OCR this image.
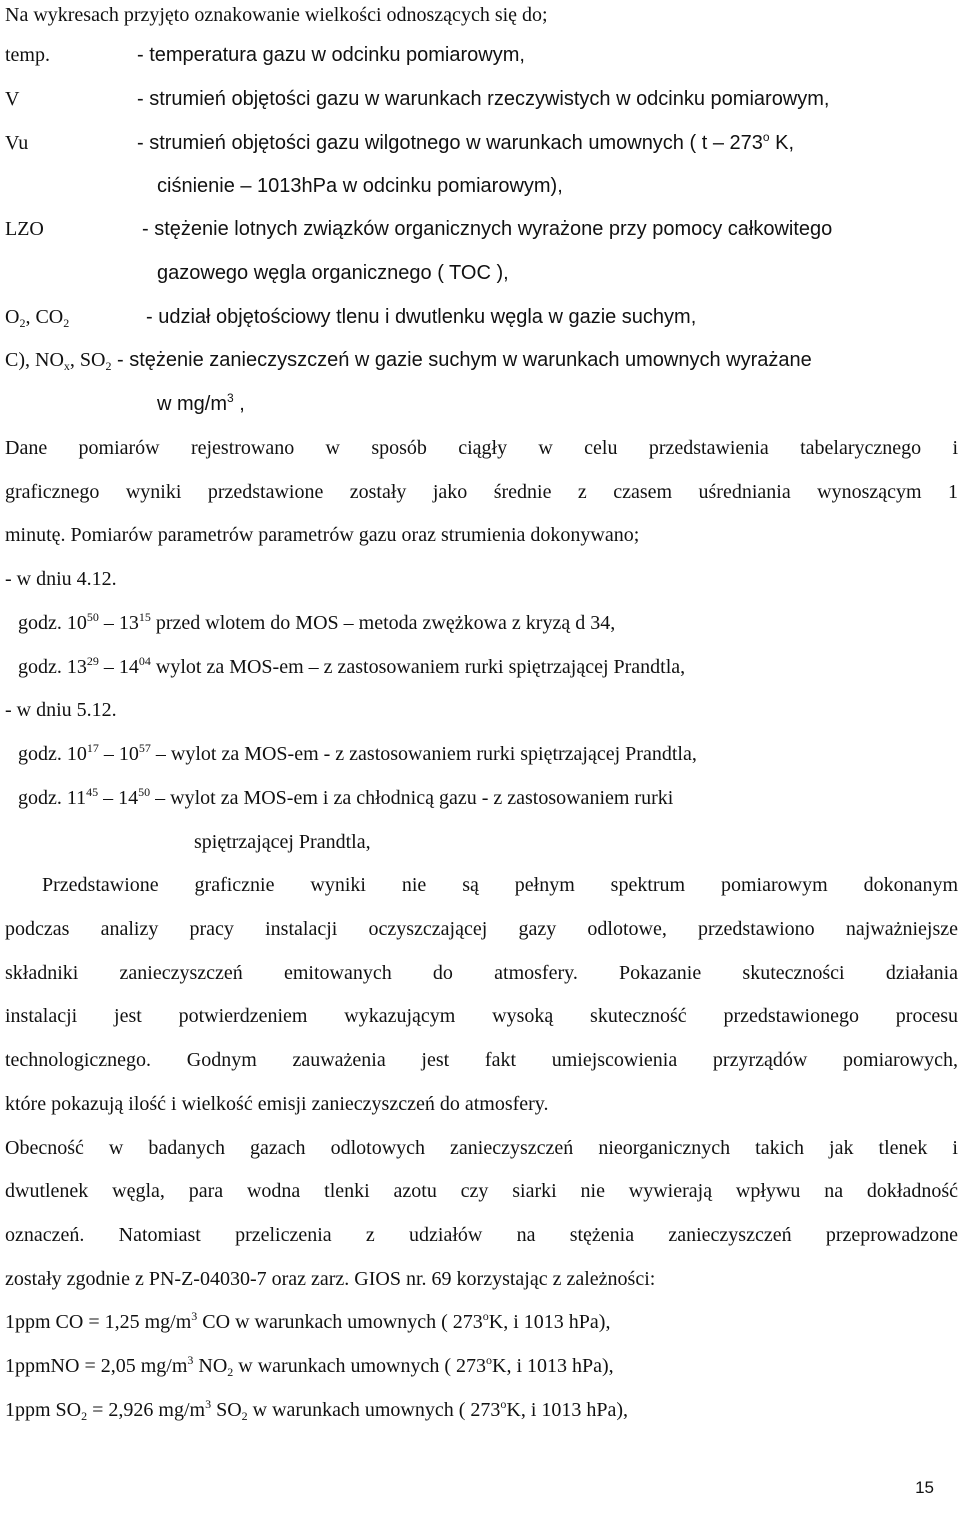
Na wykresach przyjęto oznakowanie wielkości odnoszących się do;
temp.	- temperatura gazu w odcinku pomiarowym,
V	- strumień objętości gazu w warunkach rzeczywistych w odcinku pomiarowym,
Vu	- strumień objętości gazu wilgotnego w warunkach umownych ( t – 273$^o$ K,
ciśnienie – 1013hPa w odcinku pomiarowym),
LZO	- stężenie lotnych związków organicznych wyrażone przy pomocy całkowitego
gazowego węgla organicznego ( TOC ),
$O_2$, $CO_2$	- udział objętościowy tlenu i dwutlenku węgla w gazie suchym,
C), $NO_x$, $SO_2$ - stężenie zanieczyszczeń w gazie suchym w warunkach umownych wyrażane
w $mg/m^3$ ,
Dane pomiarów rejestrowano w sposób ciągły w celu przedstawienia tabelarycznego i
graficznego wyniki przedstawione zostały jako średnie z czasem uśredniania wynoszącym 1
minutę. Pomiarów parametrów parametrów gazu oraz strumienia dokonywano;
- w dniu 4.12.
godz. $10^{50} - 13^{15}$ przed wlotem do MOS – metoda zwężkowa z kryzą d 34,
godz. $13^{29} - 14^{04}$ wylot za MOS-em – z zastosowaniem rurki spiętrzającej Prandtla,
- w dniu 5.12.
godz. $10^{17} - 10^{57}$ – wylot za MOS-em - z zastosowaniem rurki spiętrzającej Prandtla,
godz. $11^{45} - 14^{50}$ – wylot za MOS-em i za chłodnicą gazu - z zastosowaniem rurki
spiętrzającej Prandtla,
Przedstawione graficznie wyniki nie są pełnym spektrum pomiarowym dokonanym
podczas analizy pracy instalacji oczyszczającej gazy odlotowe, przedstawiono najważniejsze
składniki zanieczyszczeń emitowanych do atmosfery. Pokazanie skuteczności działania
instalacji jest potwierdzeniem wykazującym wysoką skuteczność przedstawionego procesu
technologicznego. Godnym zauważenia jest fakt umiejscowienia przyrządów pomiarowych,
które pokazują ilość i wielkość emisji zanieczyszczeń do atmosfery.
Obecność w badanych gazach odlotowych zanieczyszczeń nieorganicznych takich jak tlenek i
dwutlenek węgla, para wodna tlenki azotu czy siarki nie wywierają wpływu na dokładność
oznaczeń. Natomiast przeliczenia z udziałów na stężenia zanieczyszczeń przeprowadzone
zostały zgodnie z PN-Z-04030-7 oraz zarz. GIOS nr. 69 korzystając z zależności:
1ppm CO = 1,25 $mg/m^3$ CO w warunkach umownych ( 273$^o$K, i 1013 hPa),
1ppmNO = 2,05 $mg/m^3$ $NO_2$ w warunkach umownych ( 273$^o$K, i 1013 hPa),
1ppm $SO_2 = 2,926$ $mg/m^3$ $SO_2$ w warunkach umownych ( 273$^o$K, i 1013 hPa),
15
